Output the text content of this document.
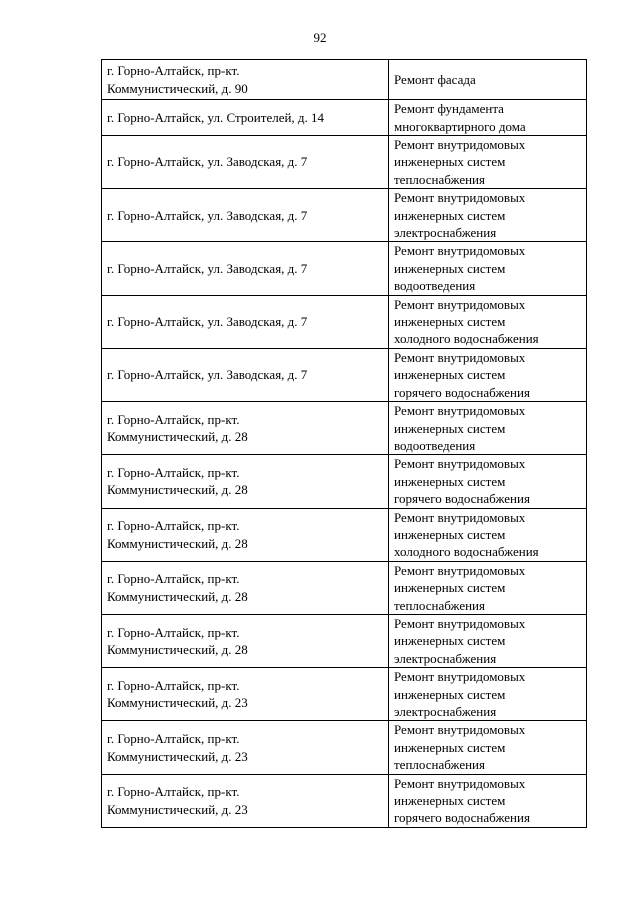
92
г. Горно-Алтайск, пр-кт.
Коммунистический, д. 90	Ремонт фасада
г. Горно-Алтайск, ул. Строителей, д. 14	Ремонт фундамента
многоквартирного дома
г. Горно-Алтайск, ул. Заводская, д. 7	Ремонт внутридомовых
инженерных систем
теплоснабжения
г. Горно-Алтайск, ул. Заводская, д. 7	Ремонт внутридомовых
инженерных систем
электроснабжения
г. Горно-Алтайск, ул. Заводская, д. 7	Ремонт внутридомовых
инженерных систем
водоотведения
г. Горно-Алтайск, ул. Заводская, д. 7	Ремонт внутридомовых
инженерных систем
холодного водоснабжения
г. Горно-Алтайск, ул. Заводская, д. 7	Ремонт внутридомовых
инженерных систем
горячего водоснабжения
г. Горно-Алтайск, пр-кт.
Коммунистический, д. 28	Ремонт внутридомовых
инженерных систем
водоотведения
г. Горно-Алтайск, пр-кт.
Коммунистический, д. 28	Ремонт внутридомовых
инженерных систем
горячего водоснабжения
г. Горно-Алтайск, пр-кт.
Коммунистический, д. 28	Ремонт внутридомовых
инженерных систем
холодного водоснабжения
г. Горно-Алтайск, пр-кт.
Коммунистический, д. 28	Ремонт внутридомовых
инженерных систем
теплоснабжения
г. Горно-Алтайск, пр-кт.
Коммунистический, д. 28	Ремонт внутридомовых
инженерных систем
электроснабжения
г. Горно-Алтайск, пр-кт.
Коммунистический, д. 23	Ремонт внутридомовых
инженерных систем
электроснабжения
г. Горно-Алтайск, пр-кт.
Коммунистический, д. 23	Ремонт внутридомовых
инженерных систем
теплоснабжения
г. Горно-Алтайск, пр-кт.
Коммунистический, д. 23	Ремонт внутридомовых
инженерных систем
горячего водоснабжения
